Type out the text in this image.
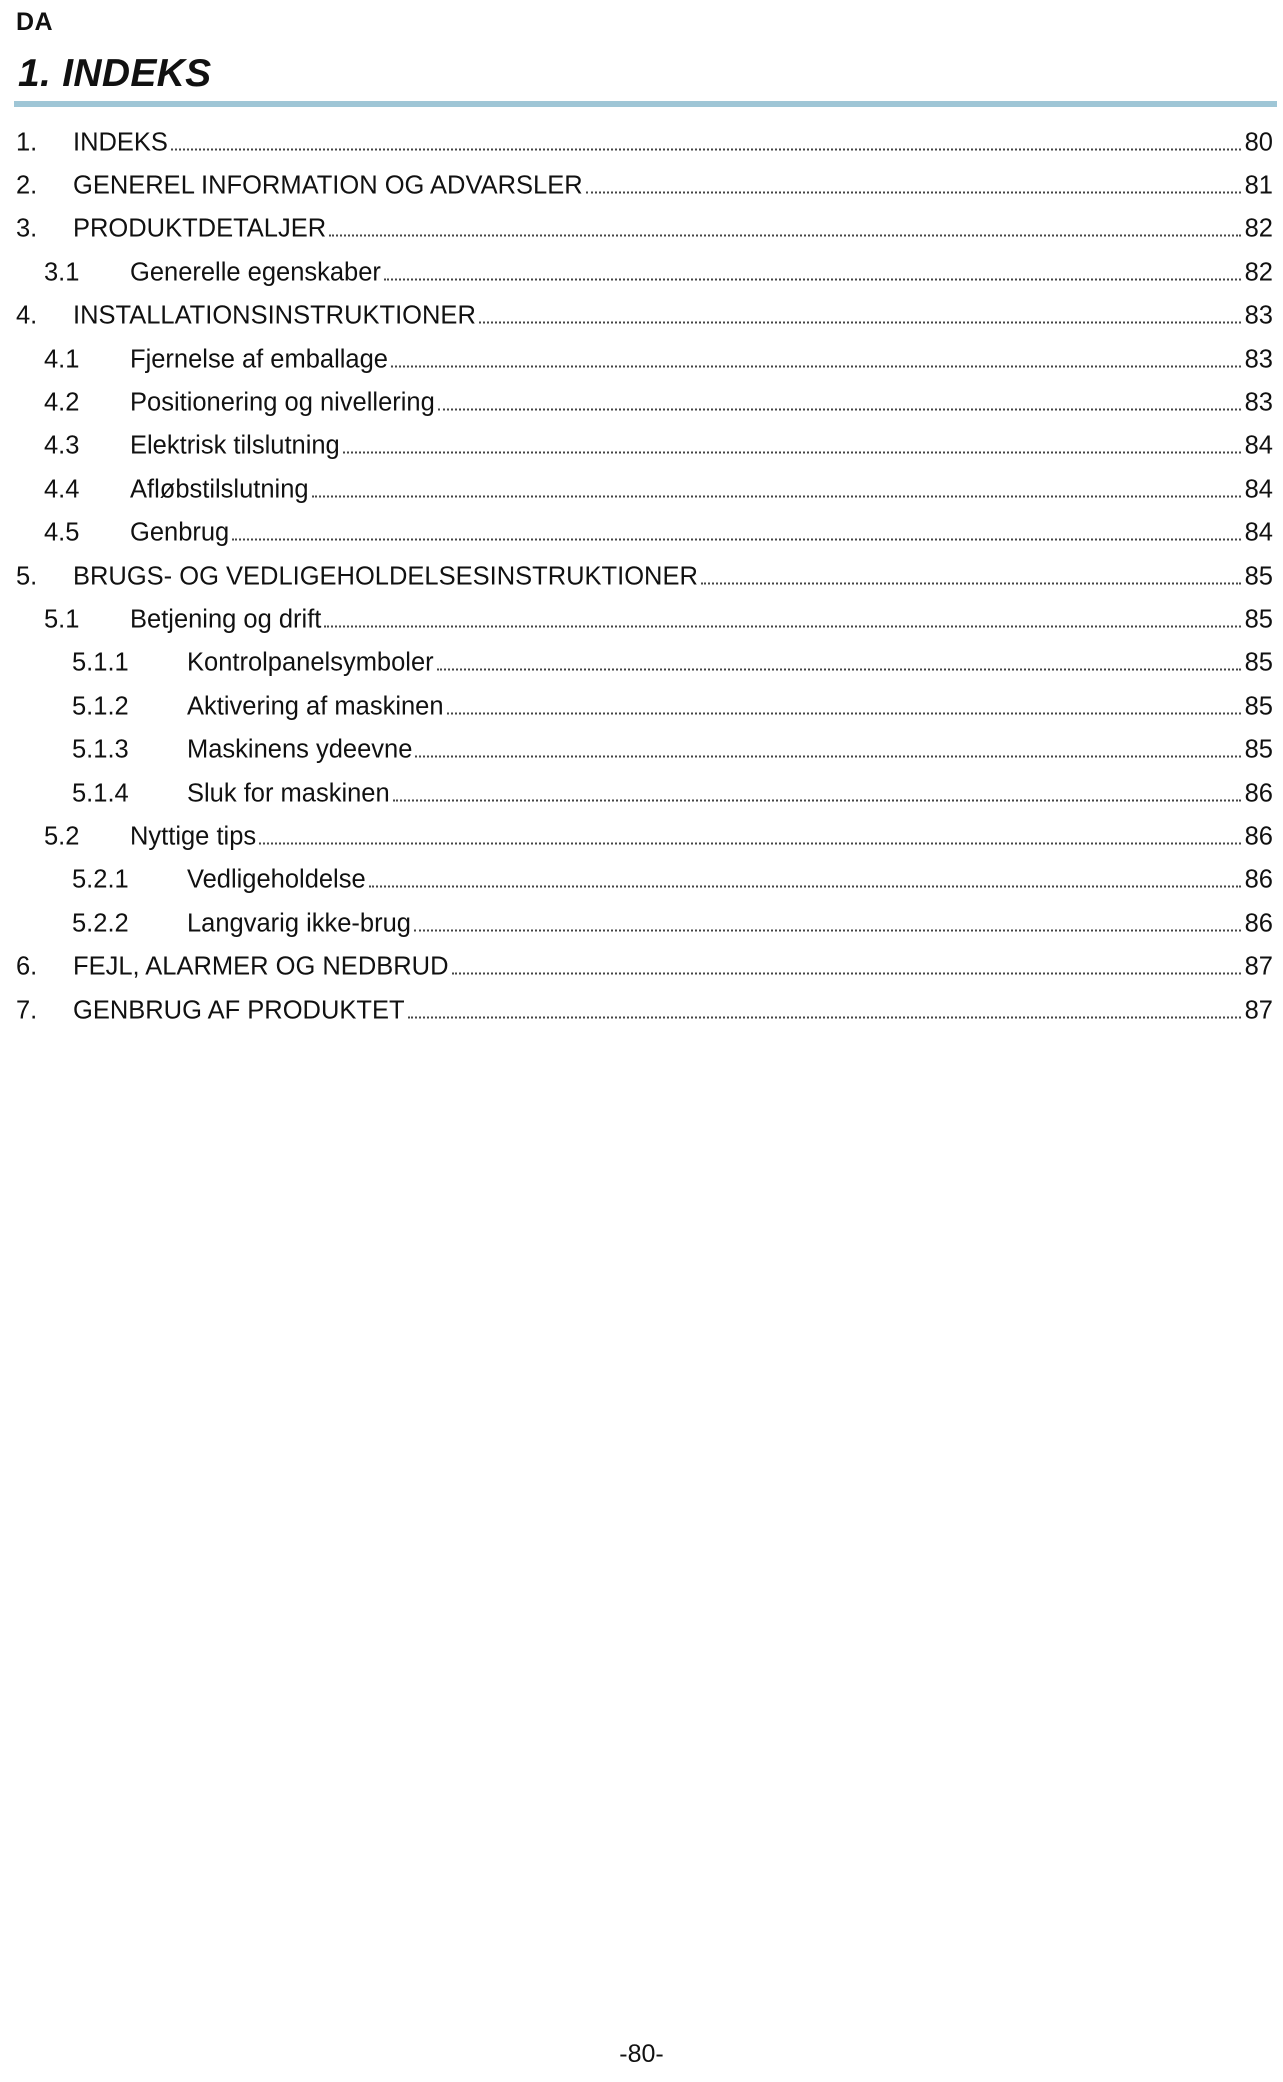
DA
1. INDEKS
1. INDEKS	80
2. GENEREL INFORMATION OG ADVARSLER	81
3. PRODUKTDETALJER	82
3.1 Generelle egenskaber	82
4. INSTALLATIONSINSTRUKTIONER	83
4.1 Fjernelse af emballage	83
4.2 Positionering og nivellering	83
4.3 Elektrisk tilslutning	84
4.4 Afløbstilslutning	84
4.5 Genbrug	84
5. BRUGS- OG VEDLIGEHOLDELSESINSTRUKTIONER	85
5.1 Betjening og drift	85
5.1.1 Kontrolpanelsymboler	85
5.1.2 Aktivering af maskinen	85
5.1.3 Maskinens ydeevne	85
5.1.4 Sluk for maskinen	86
5.2 Nyttige tips	86
5.2.1 Vedligeholdelse	86
5.2.2 Langvarig ikke-brug	86
6. FEJL, ALARMER OG NEDBRUD	87
7. GENBRUG AF PRODUKTET	87
-80-
